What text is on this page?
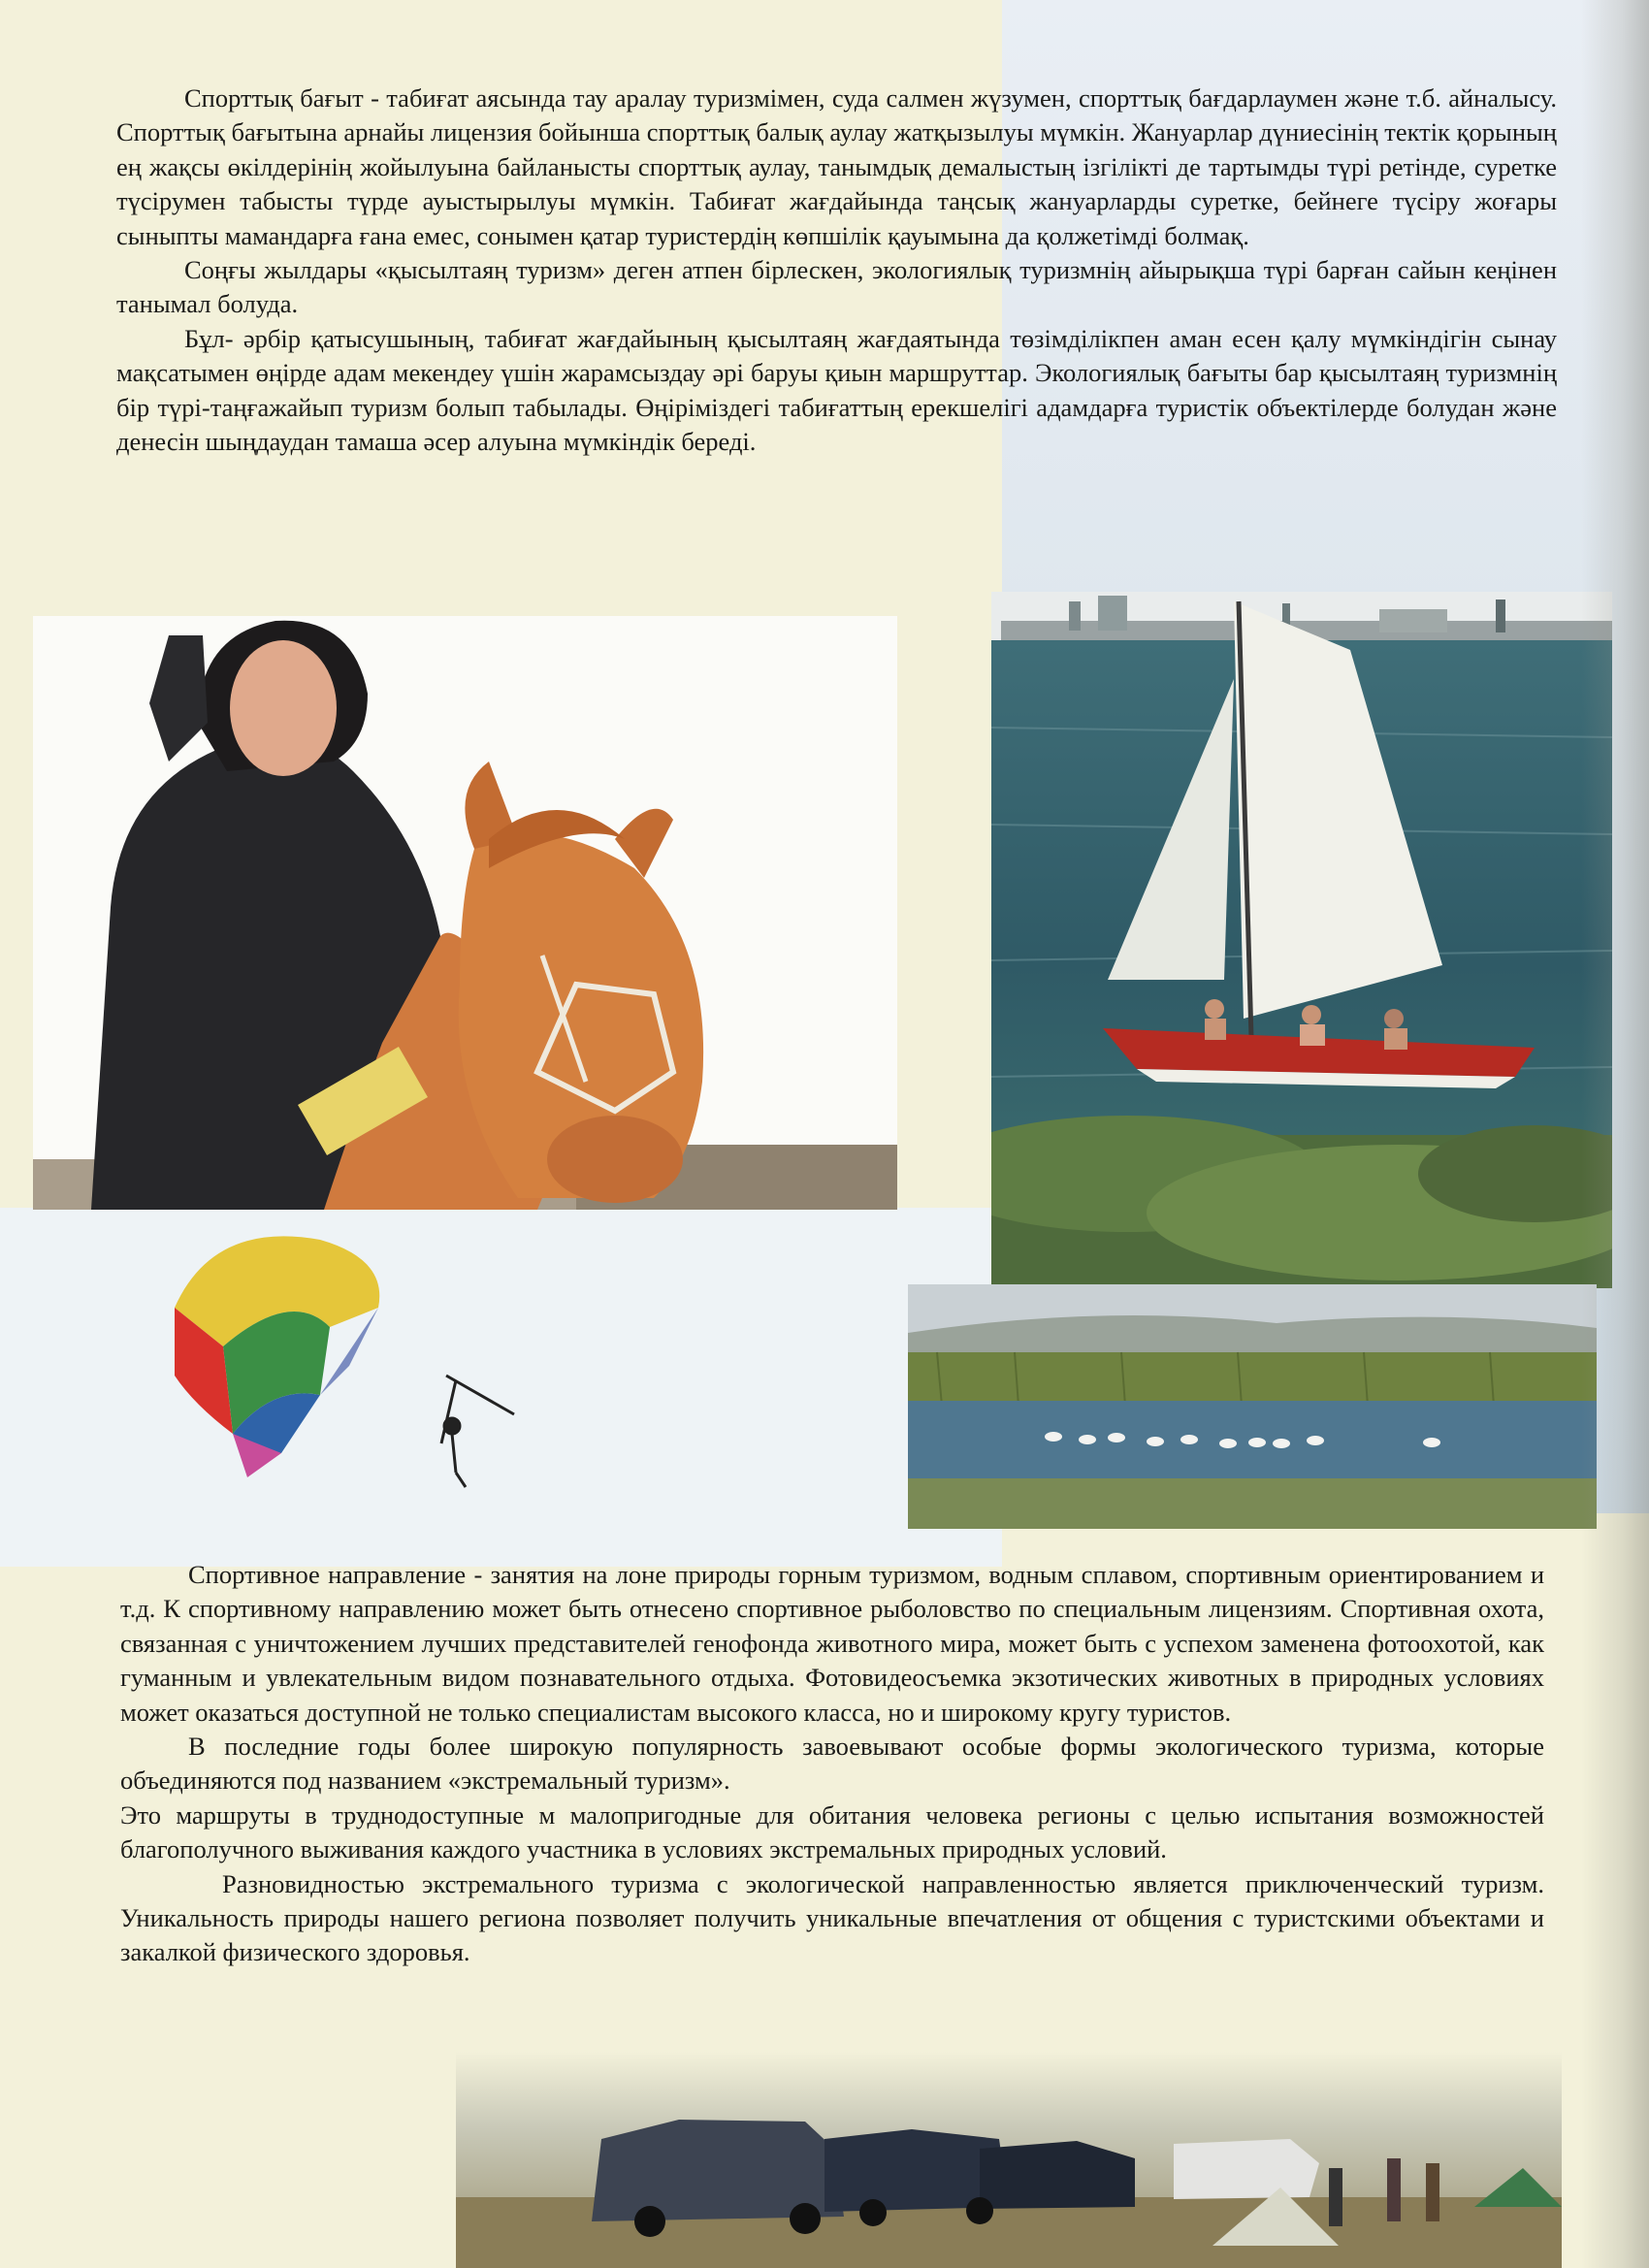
Спорттық бағыт - табиғат аясында тау аралау туризмімен, суда салмен жүзумен, спорттық бағдарлаумен және т.б. айналысу. Спорттық бағытына арнайы лицензия бойынша спорттық балық аулау жатқызылуы мүмкін. Жануарлар дүниесінің тектік қорының ең жақсы өкілдерінің жойылуына байланысты спорттық аулау, танымдық демалыстың ізгілікті де тартымды түрі ретінде, суретке түсірумен табысты түрде ауыстырылуы мүмкін. Табиғат жағдайында таңсық жануарларды суретке, бейнеге түсіру жоғары сыныпты мамандарға ғана емес, сонымен қатар туристердің көпшілік қауымына да қолжетімді болмақ.

Соңғы жылдары «қысылтаяң туризм» деген атпен бірлескен, экологиялық туризмнің айырықша түрі барған сайын кеңінен танымал болуда.

Бұл- әрбір қатысушының, табиғат жағдайының қысылтаяң жағдаятында төзімділікпен аман есен қалу мүмкіндігін сынау мақсатымен өңірде адам мекендеу үшін жарамсыздау әрі баруы қиын маршруттар. Экологиялық бағыты бар қысылтаяң туризмнің бір түрі-таңғажайып туризм болып табылады. Өңіріміздегі табиғаттың ерекшелігі адамдарға туристік объектілерде болудан және денесін шыңдаудан тамаша әсер алуына мүмкіндік береді.

Спортивное направление - занятия на лоне природы горным туризмом, водным сплавом, спортивным ориентированием и т.д. К спортивному направлению может быть отнесено спортивное рыболовство по специальным лицензиям. Спортивная охота, связанная с уничтожением лучших представителей генофонда животного мира, может быть с успехом заменена фотоохотой, как гуманным и увлекательным видом познавательного отдыха. Фотовидеосъемка экзотических животных в природных условиях может оказаться доступной не только специалистам высокого класса, но и широкому кругу туристов.

В последние годы более широкую популярность завоевывают особые формы экологического туризма, которые объединяются под названием «экстремальный туризм».

Это маршруты в труднодоступные м малопригодные для обитания человека регионы с целью испытания возможностей благополучного выживания каждого участника в условиях экстремальных природных условий.

Разновидностью экстремального туризма с экологической направленностью является приключенческий туризм. Уникальность природы нашего региона позволяет получить уникальные впечатления от общения с туристскими объектами и закалкой физического здоровья.
